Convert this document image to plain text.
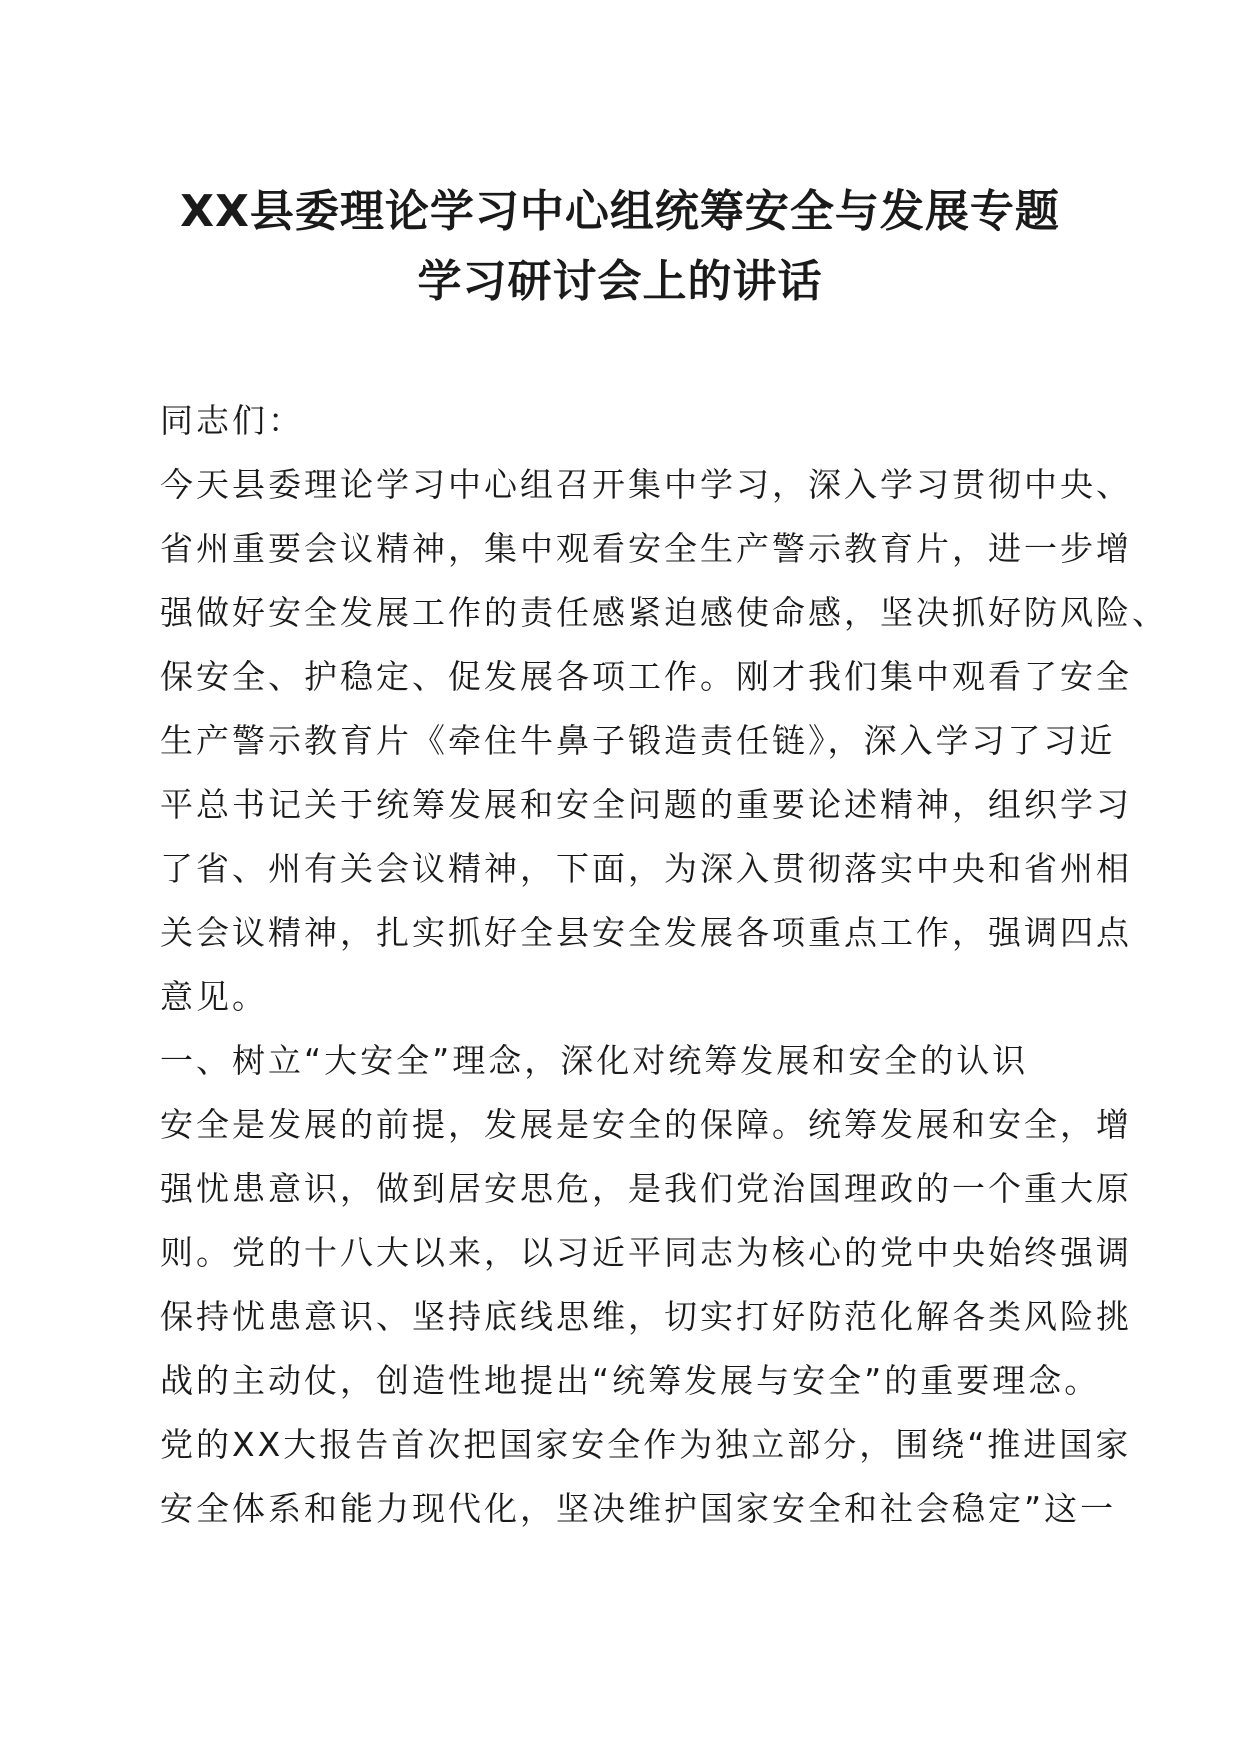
XX县委理论学习中心组统筹安全与发展专题
学习研讨会上的讲话
同志们：
今天县委理论学习中心组召开集中学习，深入学习贯彻中央、
省州重要会议精神，集中观看安全生产警示教育片，进一步增
强做好安全发展工作的责任感紧迫感使命感，坚决抓好防风险、
保安全、护稳定、促发展各项工作。刚才我们集中观看了安全
生产警示教育片《牵住牛鼻子锻造责任链》，深入学习了习近
平总书记关于统筹发展和安全问题的重要论述精神，组织学习
了省、州有关会议精神，下面，为深入贯彻落实中央和省州相
关会议精神，扎实抓好全县安全发展各项重点工作，强调四点
意见。
一、树立“大安全”理念，深化对统筹发展和安全的认识
安全是发展的前提，发展是安全的保障。统筹发展和安全，增
强忧患意识，做到居安思危，是我们党治国理政的一个重大原
则。党的十八大以来，以习近平同志为核心的党中央始终强调
保持忧患意识、坚持底线思维，切实打好防范化解各类风险挑
战的主动仗，创造性地提出“统筹发展与安全”的重要理念。
党的XX大报告首次把国家安全作为独立部分，围绕“推进国家
安全体系和能力现代化，坚决维护国家安全和社会稳定”这一
